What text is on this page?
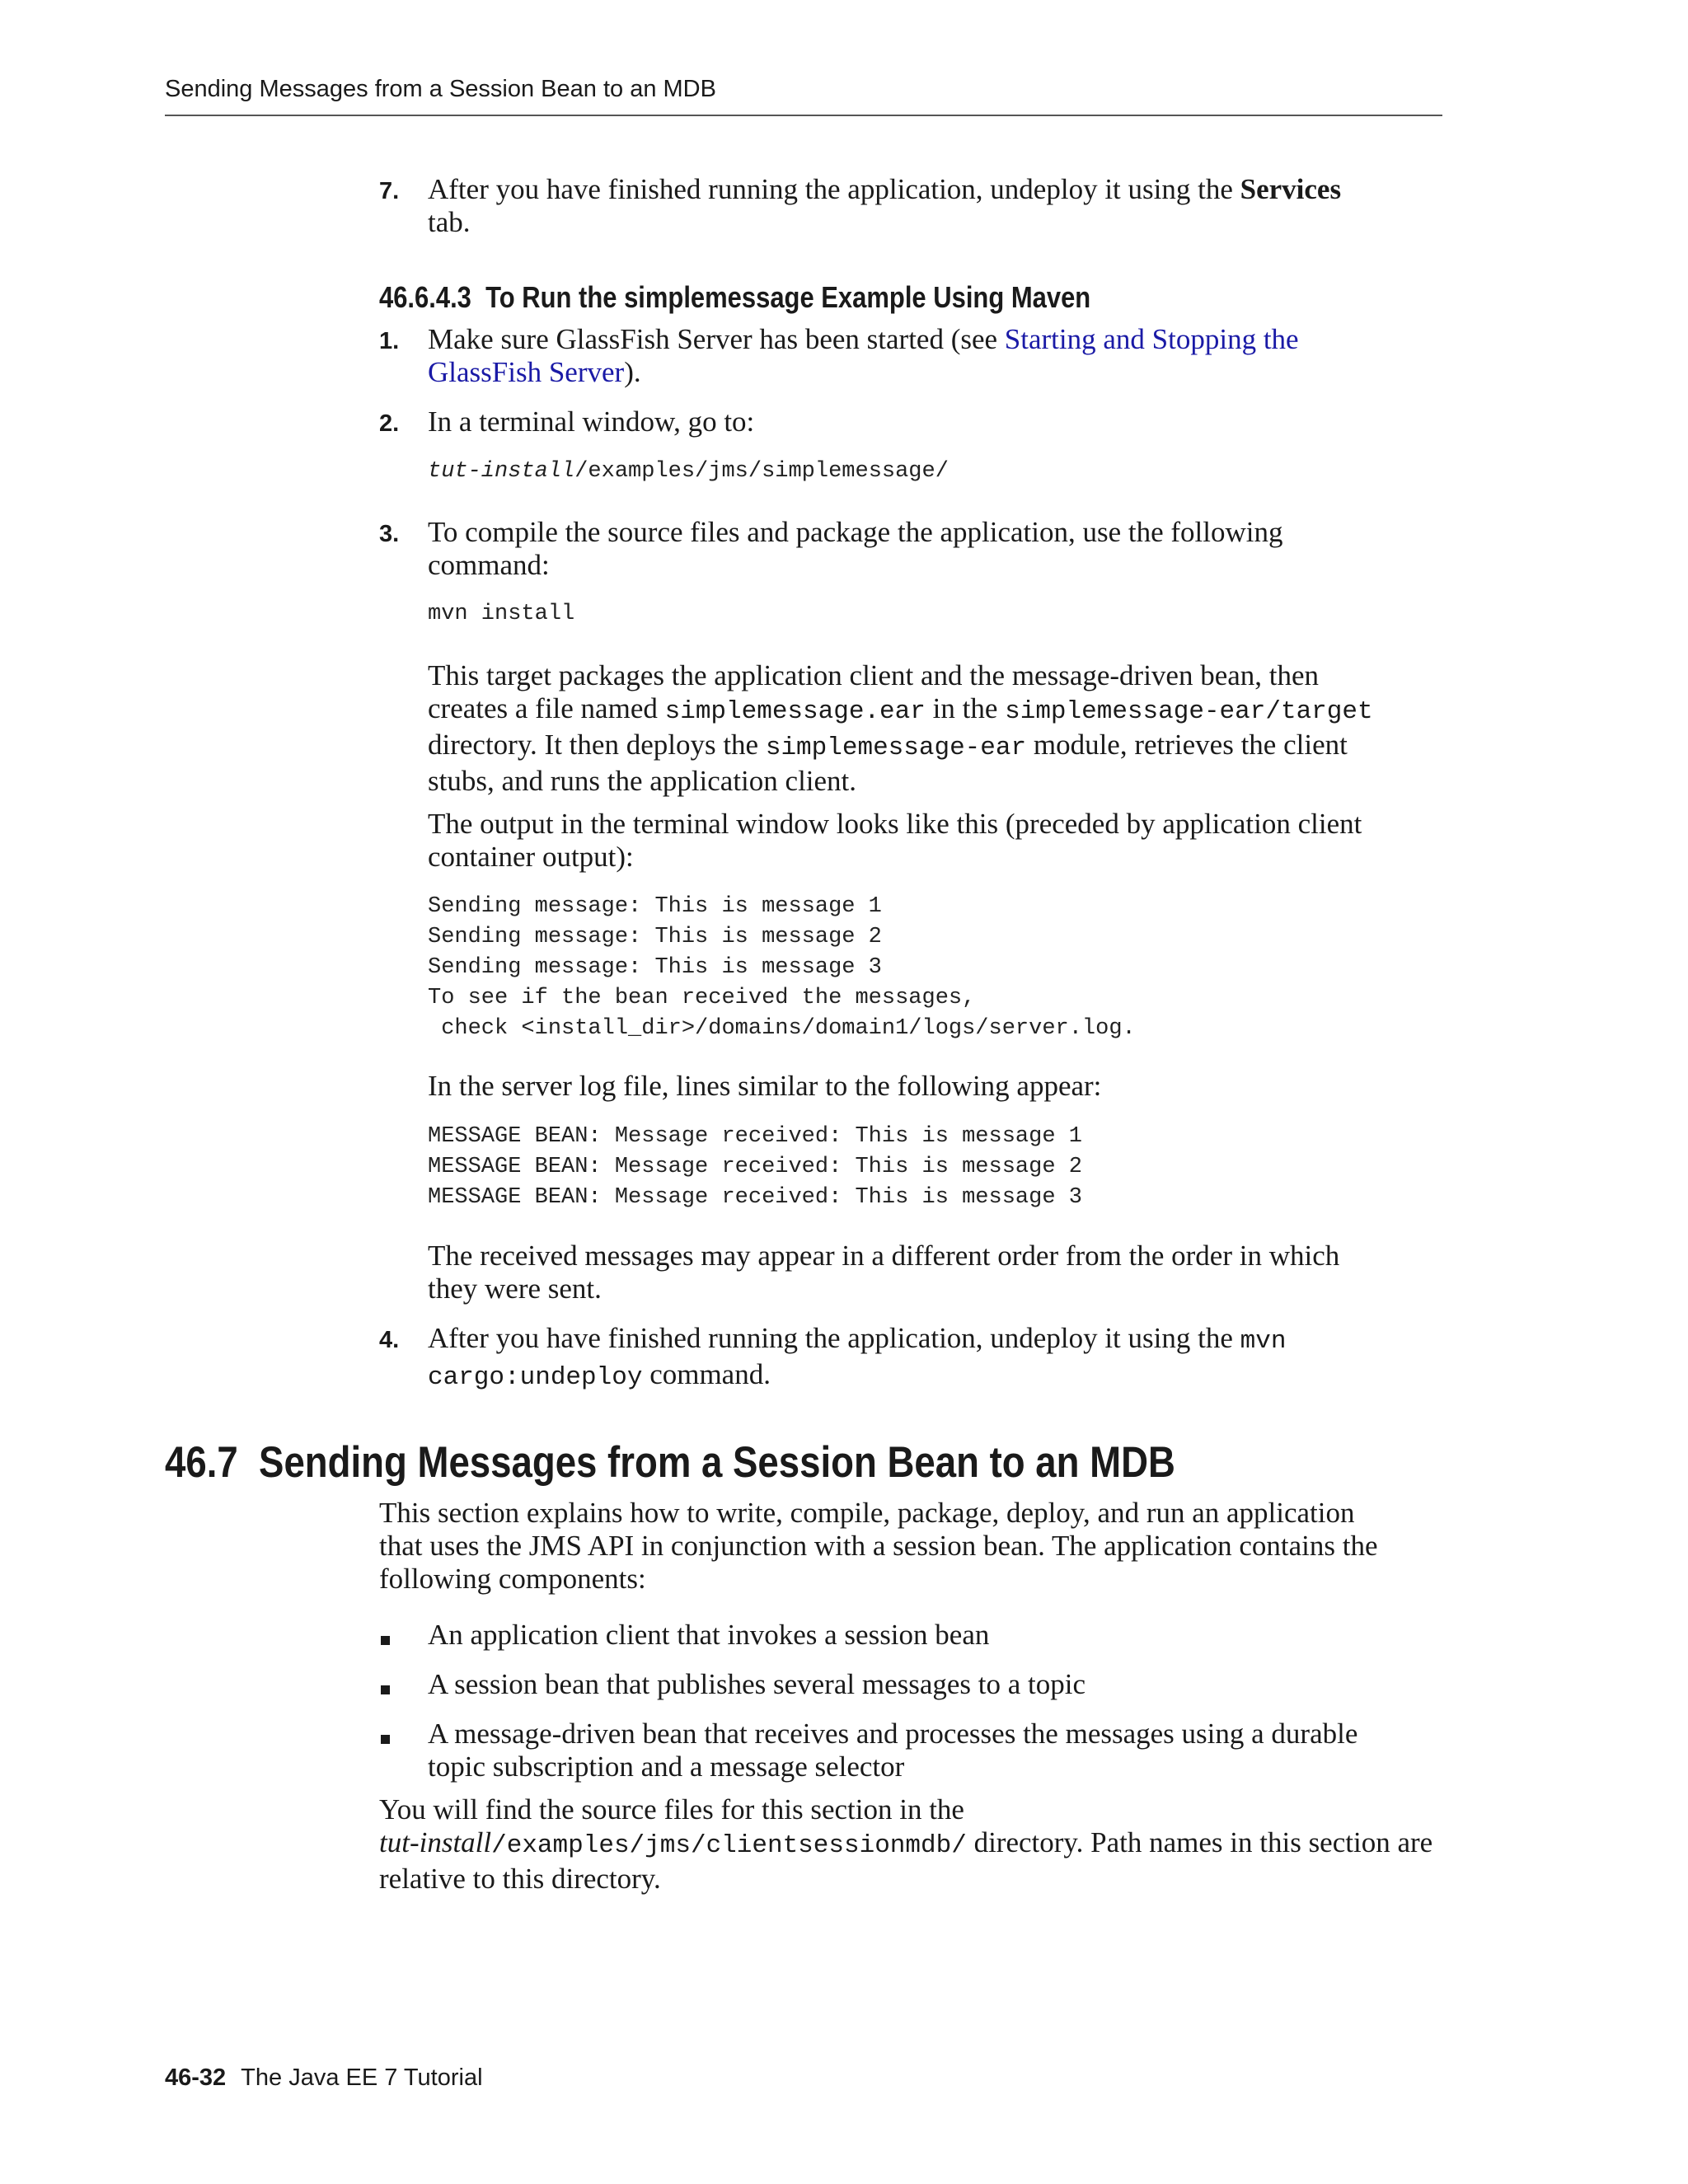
Sending Messages from a Session Bean to an MDB
7. After you have finished running the application, undeploy it using the Services
tab.
46.6.4.3 To Run the simplemessage Example Using Maven
1. Make sure GlassFish Server has been started (see Starting and Stopping the
GlassFish Server).
2. In a terminal window, go to:
tut-install/examples/jms/simplemessage/
3. To compile the source files and package the application, use the following
command:
mvn install
This target packages the application client and the message-driven bean, then
creates a file named simplemessage.ear in the simplemessage-ear/target
directory. It then deploys the simplemessage-ear module, retrieves the client
stubs, and runs the application client.
The output in the terminal window looks like this (preceded by application client
container output):
Sending message: This is message 1
Sending message: This is message 2
Sending message: This is message 3
To see if the bean received the messages,
check <install_dir>/domains/domain1/logs/server.log.
In the server log file, lines similar to the following appear:
MESSAGE BEAN: Message received: This is message 1
MESSAGE BEAN: Message received: This is message 2
MESSAGE BEAN: Message received: This is message 3
The received messages may appear in a different order from the order in which
they were sent.
4. After you have finished running the application, undeploy it using the mvn
cargo:undeploy command.
46.7 Sending Messages from a Session Bean to an MDB
This section explains how to write, compile, package, deploy, and run an application
that uses the JMS API in conjunction with a session bean. The application contains the
following components:
An application client that invokes a session bean
A session bean that publishes several messages to a topic
A message-driven bean that receives and processes the messages using a durable
topic subscription and a message selector
You will find the source files for this section in the
tut-install/examples/jms/clientsessionmdb/ directory. Path names in this section are
relative to this directory.
46-32 The Java EE 7 Tutorial
